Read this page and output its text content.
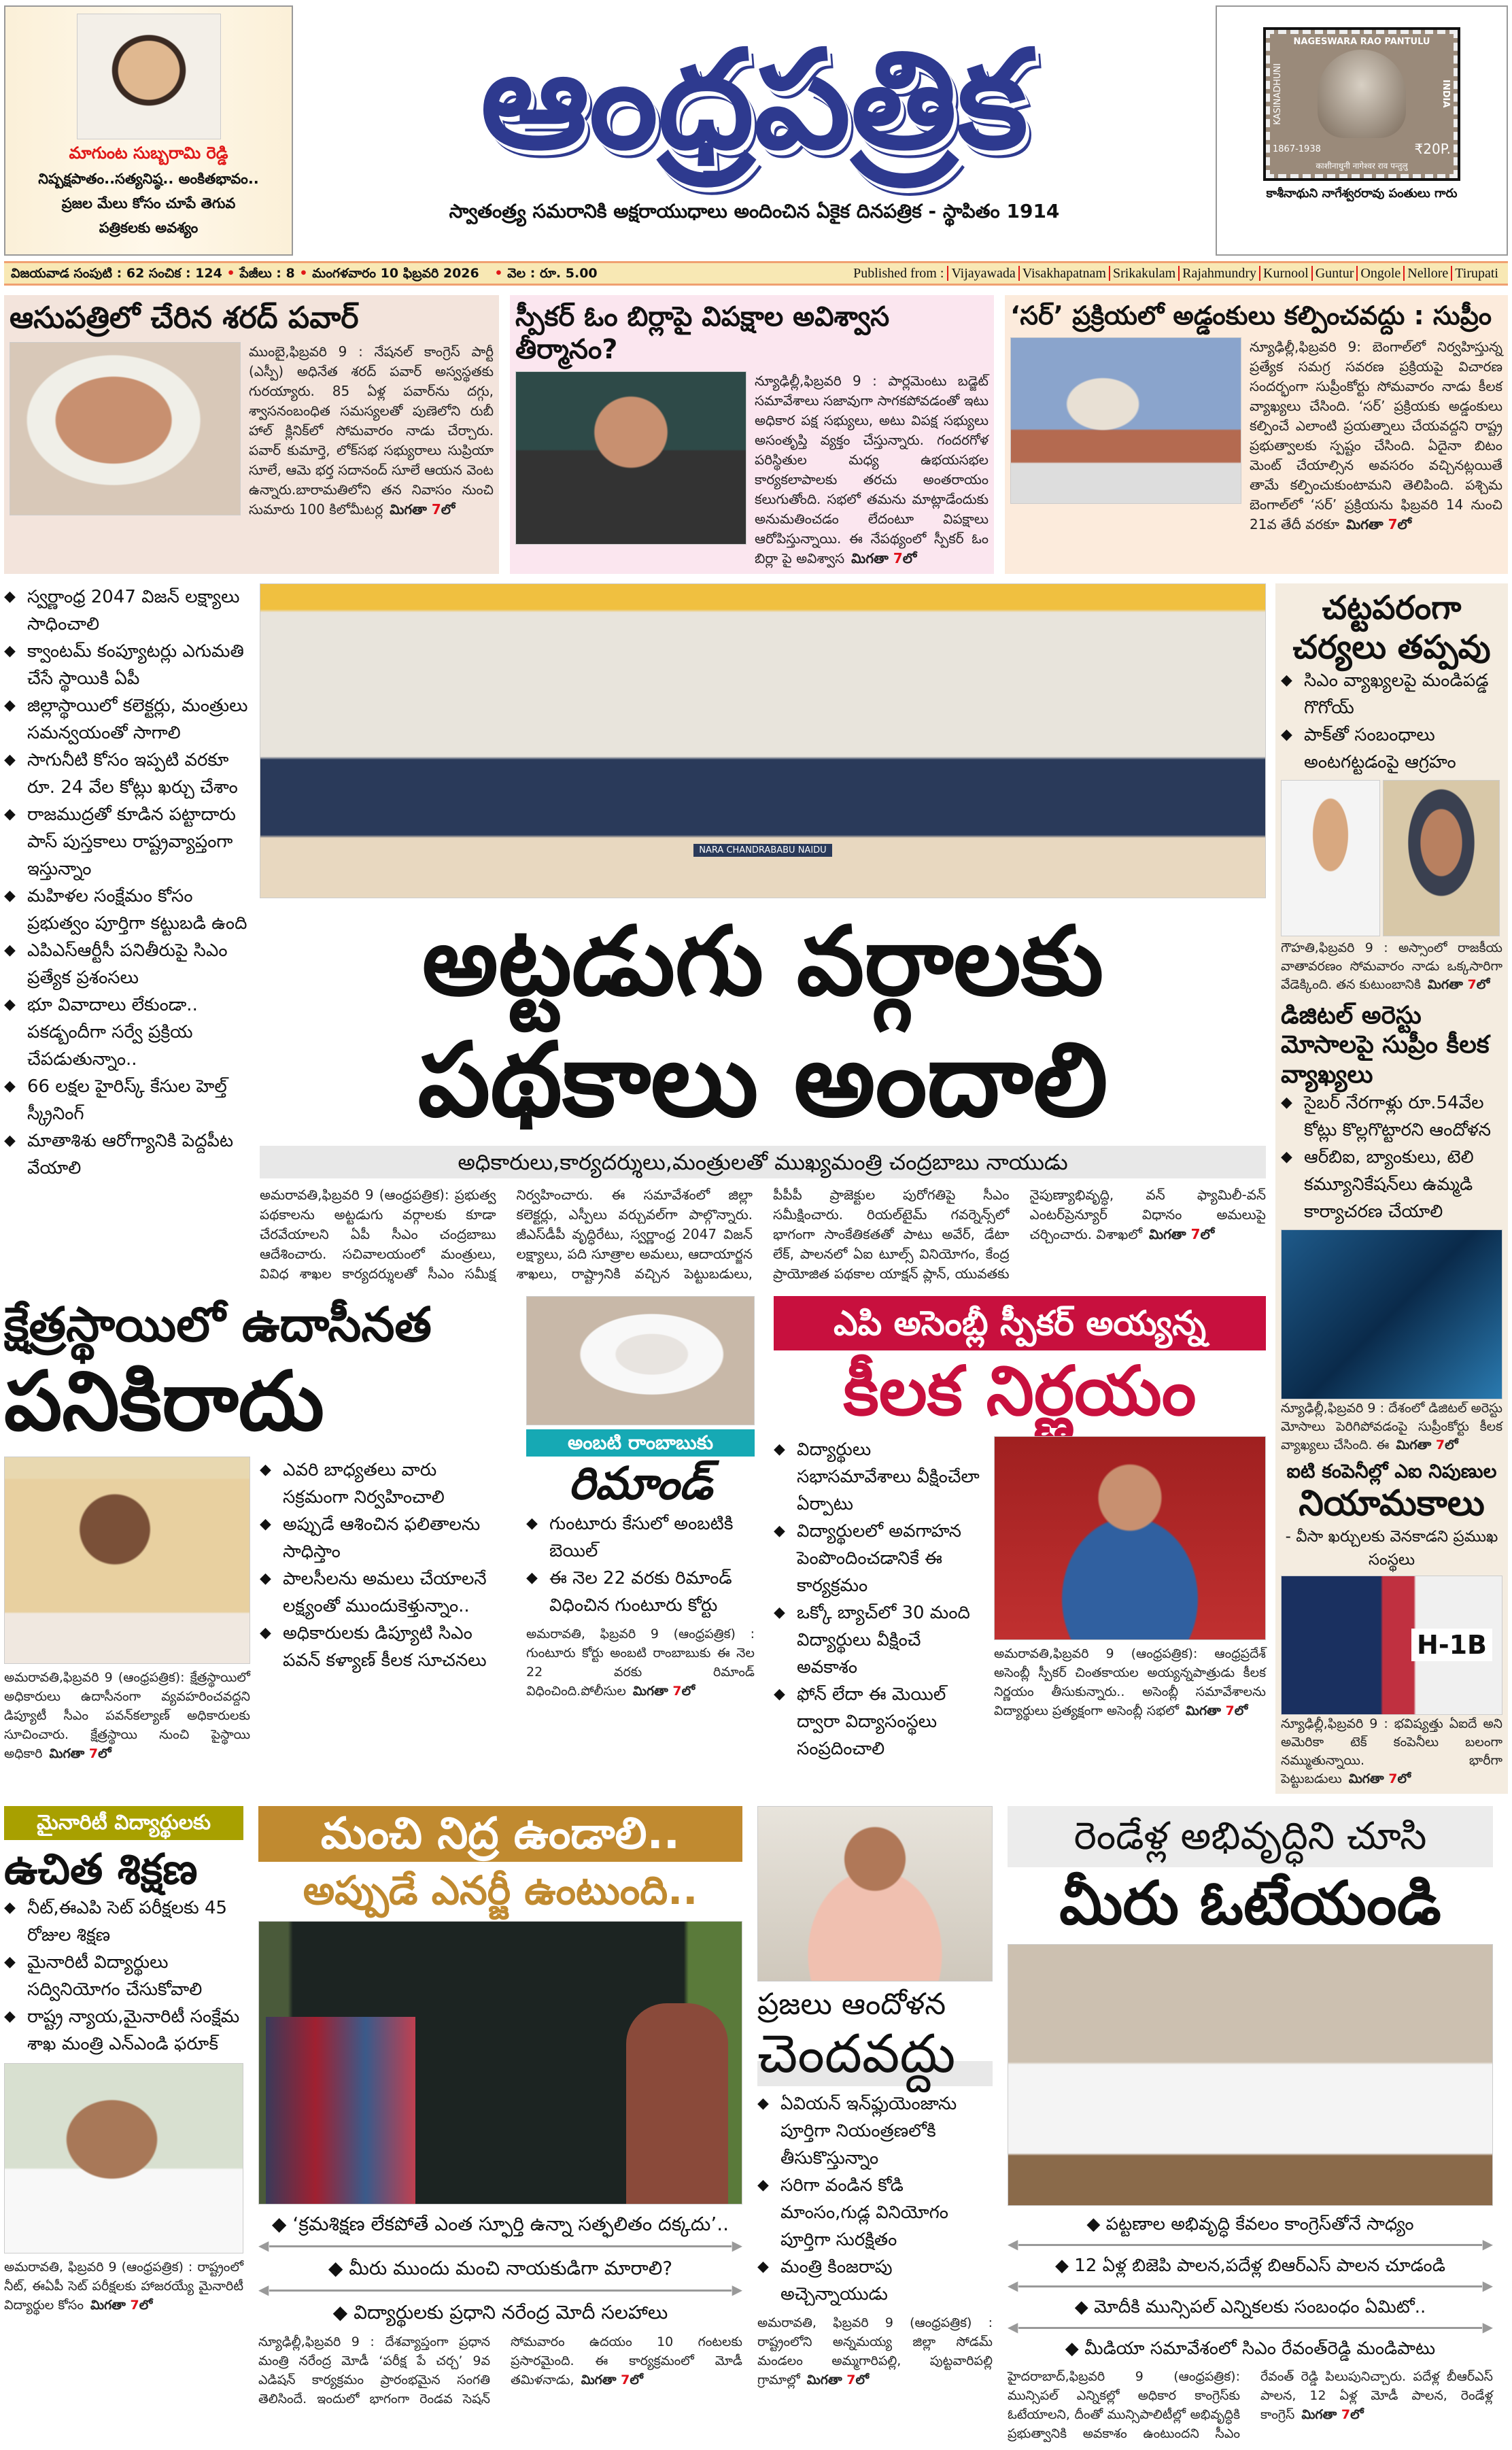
మాగుంట సుబ్బరామి రెడ్డి
నిష్పక్షపాతం..సత్యనిష్ఠ.. అంకితభావం..
ప్రజల మేలు కోసం చూపే తెగువ
పత్రికలకు అవశ్యం
ఆంధ్రపత్రిక
స్వాతంత్ర్య సమరానికి అక్షరాయుధాలు అందించిన ఏకైక దినపత్రిక - స్థాపితం 1914
NAGESWARA RAO PANTULU
KASINADHUNI	INDIA
1867-1938	₹20P.
काशीनाधुनी नागेश्वर राव पन्तुलु
కాశీనాథుని నాగేశ్వరరావు పంతులు గారు
విజయవాడ సంపుటి : 62 సంచిక : 124 • పేజీలు : 8 • మంగళవారం 10 ఫిబ్రవరి 2026 • వెల : రూ. 5.00	Published from : Vijayawada Visakhapatnam Srikakulam Rajahmundry Kurnool Guntur Ongole Nellore Tirupati
ఆసుపత్రిలో చేరిన శరద్ పవార్
ముంబై,ఫిబ్రవరి 9 : నేషనల్ కాంగ్రెస్ పార్టీ (ఎస్పీ) అధినేత శరద్ పవార్ అస్వస్థతకు గురయ్యారు. 85 ఏళ్ల పవార్‌ను దగ్గు, శ్వాసనంబంధిత సమస్యలతో పుణెలోని రుబీ హాల్ క్లినిక్‌లో సోమవారం నాడు చేర్చారు. పవార్ కుమార్తె, లోక్‌సభ సభ్యురాలు సుప్రియా సూలే, ఆమె భర్త సదానంద్ సూలే ఆయన వెంట ఉన్నారు.బారామతిలోని తన నివాసం నుంచి సుమారు 100 కిలోమీటర్ల మిగతా 7లో
స్పీకర్ ఓం బిర్లాపై విపక్షాల అవిశ్వాస తీర్మానం?
న్యూఢిల్లీ,ఫిబ్రవరి 9 : పార్లమెంటు బడ్జెట్ సమావేశాలు సజావుగా సాగకపోవడంతో ఇటు అధికార పక్ష సభ్యులు, అటు విపక్ష సభ్యులు అసంతృప్తి వ్యక్తం చేస్తున్నారు. గందరగోళ పరిస్థితుల మధ్య ఉభయసభల కార్యకలాపాలకు తరచు అంతరాయం కలుగుతోంది. సభలో తమను మాట్లాడేందుకు అనుమతించడం లేదంటూ విపక్షాలు ఆరోపిస్తున్నాయి. ఈ నేపథ్యంలో స్పీకర్ ఓం బిర్లా పై అవిశ్వాస మిగతా 7లో
‘సర్’ ప్రక్రియలో అడ్డంకులు కల్పించవద్దు : సుప్రీం
న్యూఢిల్లీ,ఫిబ్రవరి 9: బెంగాల్‌లో నిర్వహిస్తున్న ప్రత్యేక సమగ్ర సవరణ ప్రక్రియపై విచారణ సందర్భంగా సుప్రీంకోర్టు సోమవారం నాడు కీలక వ్యాఖ్యలు చేసింది. ‘సర్’ ప్రక్రియకు అడ్డంకులు కల్పించే ఎలాంటి ప్రయత్నాలు చేయవద్దని రాష్ట్ర ప్రభుత్వాలకు స్పష్టం చేసింది. ఏదైనా బిటం మెంట్ చేయాల్సిన అవసరం వచ్చినట్లయితే తామే కల్పించుకుంటామని తెలిపింది. పశ్చిమ బెంగాల్‌లో ‘సర్’ ప్రక్రియను ఫిబ్రవరి 14 నుంచి 21వ తేదీ వరకూ మిగతా 7లో
◆ స్వర్ణాంధ్ర 2047 విజన్ లక్ష్యాలు సాధించాలి
◆ క్వాంటమ్ కంప్యూటర్లు ఎగుమతి చేసే స్థాయికి ఏపీ
◆ జిల్లాస్థాయిలో కలెక్టర్లు, మంత్రులు సమన్వయంతో సాగాలి
◆ సాగునీటి కోసం ఇప్పటి వరకూ రూ. 24 వేల కోట్లు ఖర్చు చేశాం
◆ రాజముద్రతో కూడిన పట్టాదారు పాస్ పుస్తకాలు రాష్ట్రవ్యాప్తంగా ఇస్తున్నాం
◆ మహిళల సంక్షేమం కోసం ప్రభుత్వం పూర్తిగా కట్టుబడి ఉంది
◆ ఎపిఎస్ఆర్టీసీ పనితీరుపై సిఎం ప్రత్యేక ప్రశంసలు
◆ భూ వివాదాలు లేకుండా.. పకడ్బందీగా సర్వే ప్రక్రియ చేపడుతున్నాం..
◆ 66 లక్షల హైరిస్క్ కేసుల హెల్త్ స్క్రీనింగ్
◆ మాతాశిశు ఆరోగ్యానికి పెద్దపీట వేయాలి
NARA CHANDRABABU NAIDU
అట్టడుగు వర్గాలకు
పథకాలు అందాలి
అధికారులు,కార్యదర్శులు,మంత్రులతో ముఖ్యమంత్రి చంద్రబాబు నాయుడు
అమరావతి,ఫిబ్రవరి 9 (ఆంధ్రపత్రిక): ప్రభుత్వ పథకాలను అట్టడుగు వర్గాలకు కూడా చేరవేయాలని ఏపీ సీఎం చంద్రబాబు ఆదేశించారు. సచివాలయంలో మంత్రులు, వివిధ శాఖల కార్యదర్శులతో సీఎం సమీక్ష నిర్వహించారు. ఈ సమావేశంలో జిల్లా కలెక్టర్లు, ఎస్పీలు వర్చువల్‌గా పాల్గొన్నారు. జీఎస్‌డీపీ వృద్ధిరేటు, స్వర్ణాంధ్ర 2047 విజన్ లక్ష్యాలు, పది సూత్రాల అమలు, ఆదాయార్జన శాఖలు, రాష్ట్రానికి వచ్చిన పెట్టుబడులు, పీపీపీ ప్రాజెక్టుల పురోగతిపై సీఎం సమీక్షించారు. రియల్‌టైమ్ గవర్నెన్స్‌లో భాగంగా సాంకేతికతతో పాటు అవేర్, డేటా లేక్, పాలనలో ఏఐ టూల్స్ వినియోగం, కేంద్ర ప్రాయోజిత పథకాల యాక్షన్ ప్లాన్, యువతకు నైపుణ్యాభివృద్ధి, వన్ ఫ్యామిలీ-వన్ ఎంటర్‌ప్రెన్యూర్ విధానం అమలుపై చర్చించారు. విశాఖలో మిగతా 7లో
క్షేత్రస్థాయిలో ఉదాసీనత
పనికిరాదు
అమరావతి,ఫిబ్రవరి 9 (ఆంధ్రపత్రిక): క్షేత్రస్థాయిలో అధికారులు ఉదాసీనంగా వ్యవహరించవద్దని డిప్యూటీ సీఎం పవన్‌కల్యాణ్ అధికారులకు సూచించారు. క్షేత్రస్థాయి నుంచి పైస్థాయి అధికారి మిగతా 7లో
◆ ఎవరి బాధ్యతలు వారు సక్రమంగా నిర్వహించాలి
◆ అప్పుడే ఆశించిన ఫలితాలను సాధిస్తాం
◆ పాలసీలను అమలు చేయాలనే లక్ష్యంతో ముందుకెళ్తున్నాం..
◆ అధికారులకు డిప్యూటి సిఎం పవన్ కళ్యాణ్ కీలక సూచనలు
అంబటి రాంబాబుకు
రిమాండ్
◆ గుంటూరు కేసులో అంబటికి బెయిల్
◆ ఈ నెల 22 వరకు రిమాండ్ విధించిన గుంటూరు కోర్టు
అమరావతి, ఫిబ్రవరి 9 (ఆంధ్రపత్రిక) : గుంటూరు కోర్టు అంబటి రాంబాబుకు ఈ నెల 22 వరకు రిమాండ్ విధించింది.పోలీసుల మిగతా 7లో
ఎపి అసెంబ్లీ స్పీకర్ అయ్యన్న
కీలక నిర్ణయం
◆ విద్యార్థులు సభాసమావేశాలు వీక్షించేలా ఏర్పాటు
◆ విద్యార్థులలో అవగాహన పెంపొందించడానికే ఈ కార్యక్రమం
◆ ఒక్కో బ్యాచ్‌లో 30 మంది విద్యార్థులు వీక్షించే అవకాశం
◆ ఫోన్ లేదా ఈ మెయిల్ ద్వారా విద్యాసంస్థలు సంప్రదించాలి
అమరావతి,ఫిబ్రవరి 9 (ఆంధ్రపత్రిక): ఆంధ్రప్రదేశ్ అసెంబ్లీ స్పీకర్ చింతకాయల అయ్యన్నపాత్రుడు కీలక నిర్ణయం తీసుకున్నారు.. అసెంబ్లీ సమావేశాలను విద్యార్థులు ప్రత్యక్షంగా అసెంబ్లీ సభలో మిగతా 7లో
చట్టపరంగా చర్యలు తప్పవు
◆ సిఎం వ్యాఖ్యలపై మండిపడ్డ గొగోయ్
◆ పాక్‌తో సంబంధాలు అంటగట్టడంపై ఆగ్రహం
గౌహతి,ఫిబ్రవరి 9 : అస్సాంలో రాజకీయ వాతావరణం సోమవారం నాడు ఒక్కసారిగా వేడెక్కింది. తన కుటుంబానికి మిగతా 7లో
డిజిటల్ అరెస్టు మోసాలపై సుప్రీం కీలక వ్యాఖ్యలు
◆ సైబర్ నేరగాళ్లు రూ.54వేల కోట్లు కొల్లగొట్టారని ఆందోళన
◆ ఆర్‌బిఐ, బ్యాంకులు, టెలి కమ్యూనికేషన్‌లు ఉమ్మడి కార్యాచరణ చేయాలి
న్యూఢిల్లీ,ఫిబ్రవరి 9 : దేశంలో డిజిటల్ అరెస్టు మోసాలు పెరిగిపోవడంపై సుప్రీంకోర్టు కీలక వ్యాఖ్యలు చేసింది. ఈ మిగతా 7లో
ఐటి కంపెనీల్లో ఎఐ నిపుణుల
నియామకాలు
- వీసా ఖర్చులకు వెనకాడని ప్రముఖ సంస్థలు
H-1B
న్యూఢిల్లీ,ఫిబ్రవరి 9 : భవిష్యత్తు ఏఐదే అని అమెరికా టెక్ కంపెనీలు బలంగా నమ్ముతున్నాయి. భారీగా పెట్టుబడులు మిగతా 7లో
మైనారిటీ విద్యార్థులకు
ఉచిత శిక్షణ
◆ నీట్,ఈఎపి సెట్ పరీక్షలకు 45 రోజుల శిక్షణ
◆ మైనారిటీ విద్యార్థులు సద్వినియోగం చేసుకోవాలి
◆ రాష్ట్ర న్యాయ,మైనారిటీ సంక్షేమ శాఖ మంత్రి ఎన్‌ఎండి ఫరూక్
అమరావతి, ఫిబ్రవరి 9 (ఆంధ్రపత్రిక) : రాష్ట్రంలో నీట్, ఈఏపీ సెట్ పరీక్షలకు హాజరయ్యే మైనారిటీ విద్యార్థుల కోసం మిగతా 7లో
మంచి నిద్ర ఉండాలి..
అప్పుడే ఎనర్జీ ఉంటుంది..
◆ ‘క్రమశిక్షణ లేకపోతే ఎంత స్ఫూర్తి ఉన్నా సత్ఫలితం దక్కదు’..
◀ ▶
◆ మీరు ముందు మంచి నాయకుడిగా మారాలి?
◀ ▶
◆ విద్యార్థులకు ప్రధాని నరేంద్ర మోదీ సలహాలు
న్యూఢిల్లీ,ఫిబ్రవరి 9 : దేశవ్యాప్తంగా ప్రధాన మంత్రి నరేంద్ర మోడీ ‘పరీక్ష పే చర్చ’ 9వ ఎడిషన్ కార్యక్రమం ప్రారంభమైన సంగతి తెలిసిందే. ఇందులో భాగంగా రెండవ సెషన్ సోమవారం ఉదయం 10 గంటలకు ప్రసారమైంది. ఈ కార్యక్రమంలో మోడీ తమిళనాడు, మిగతా 7లో
ప్రజలు ఆందోళన
చెందవద్దు
◆ ఏవియన్ ఇన్‌ఫ్లుయెంజాను పూర్తిగా నియంత్రణలోకి తీసుకొస్తున్నాం
◆ సరిగా వండిన కోడి మాంసం,గుడ్ల వినియోగం పూర్తిగా సురక్షితం
◆ మంత్రి కింజరాపు అచ్చెన్నాయుడు
అమరావతి, ఫిబ్రవరి 9 (ఆంధ్రపత్రిక) : రాష్ట్రంలోని అన్నమయ్య జిల్లా సోడమ్ మండలం అమ్మగారిపల్లి, పుట్టవారిపల్లి గ్రామాల్లో మిగతా 7లో
రెండేళ్ల అభివృద్ధిని చూసి
మీరు ఓటేయండి
◆ పట్టణాల అభివృద్ధి కేవలం కాంగ్రెస్‌తోనే సాధ్యం
◀ ▶
◆ 12 ఏళ్ల బిజెపి పాలన,పదేళ్ల బిఆర్‌ఎస్ పాలన చూడండి
◀ ▶
◆ మోదీకి మున్సిపల్ ఎన్నికలకు సంబంధం ఏమిటో..
◀ ▶
◆ మీడియా సమావేశంలో సిఎం రేవంత్‌రెడ్డి మండిపాటు
హైదరాబాద్,ఫిబ్రవరి 9 (ఆంధ్రపత్రిక): మున్సిపల్ ఎన్నికల్లో అధికార కాంగ్రెస్‌కు ఓటేయాలని, దీంతో మున్సిపాలిటీల్లో అభివృద్ధికి ప్రభుత్వానికి అవకాశం ఉంటుందని సీఎం రేవంత్ రెడ్డి పిలుపునిచ్చారు. పదేళ్ల బీఆర్ఎస్ పాలన, 12 ఏళ్ల మోడీ పాలన, రెండేళ్ల కాంగ్రెస్ మిగతా 7లో
